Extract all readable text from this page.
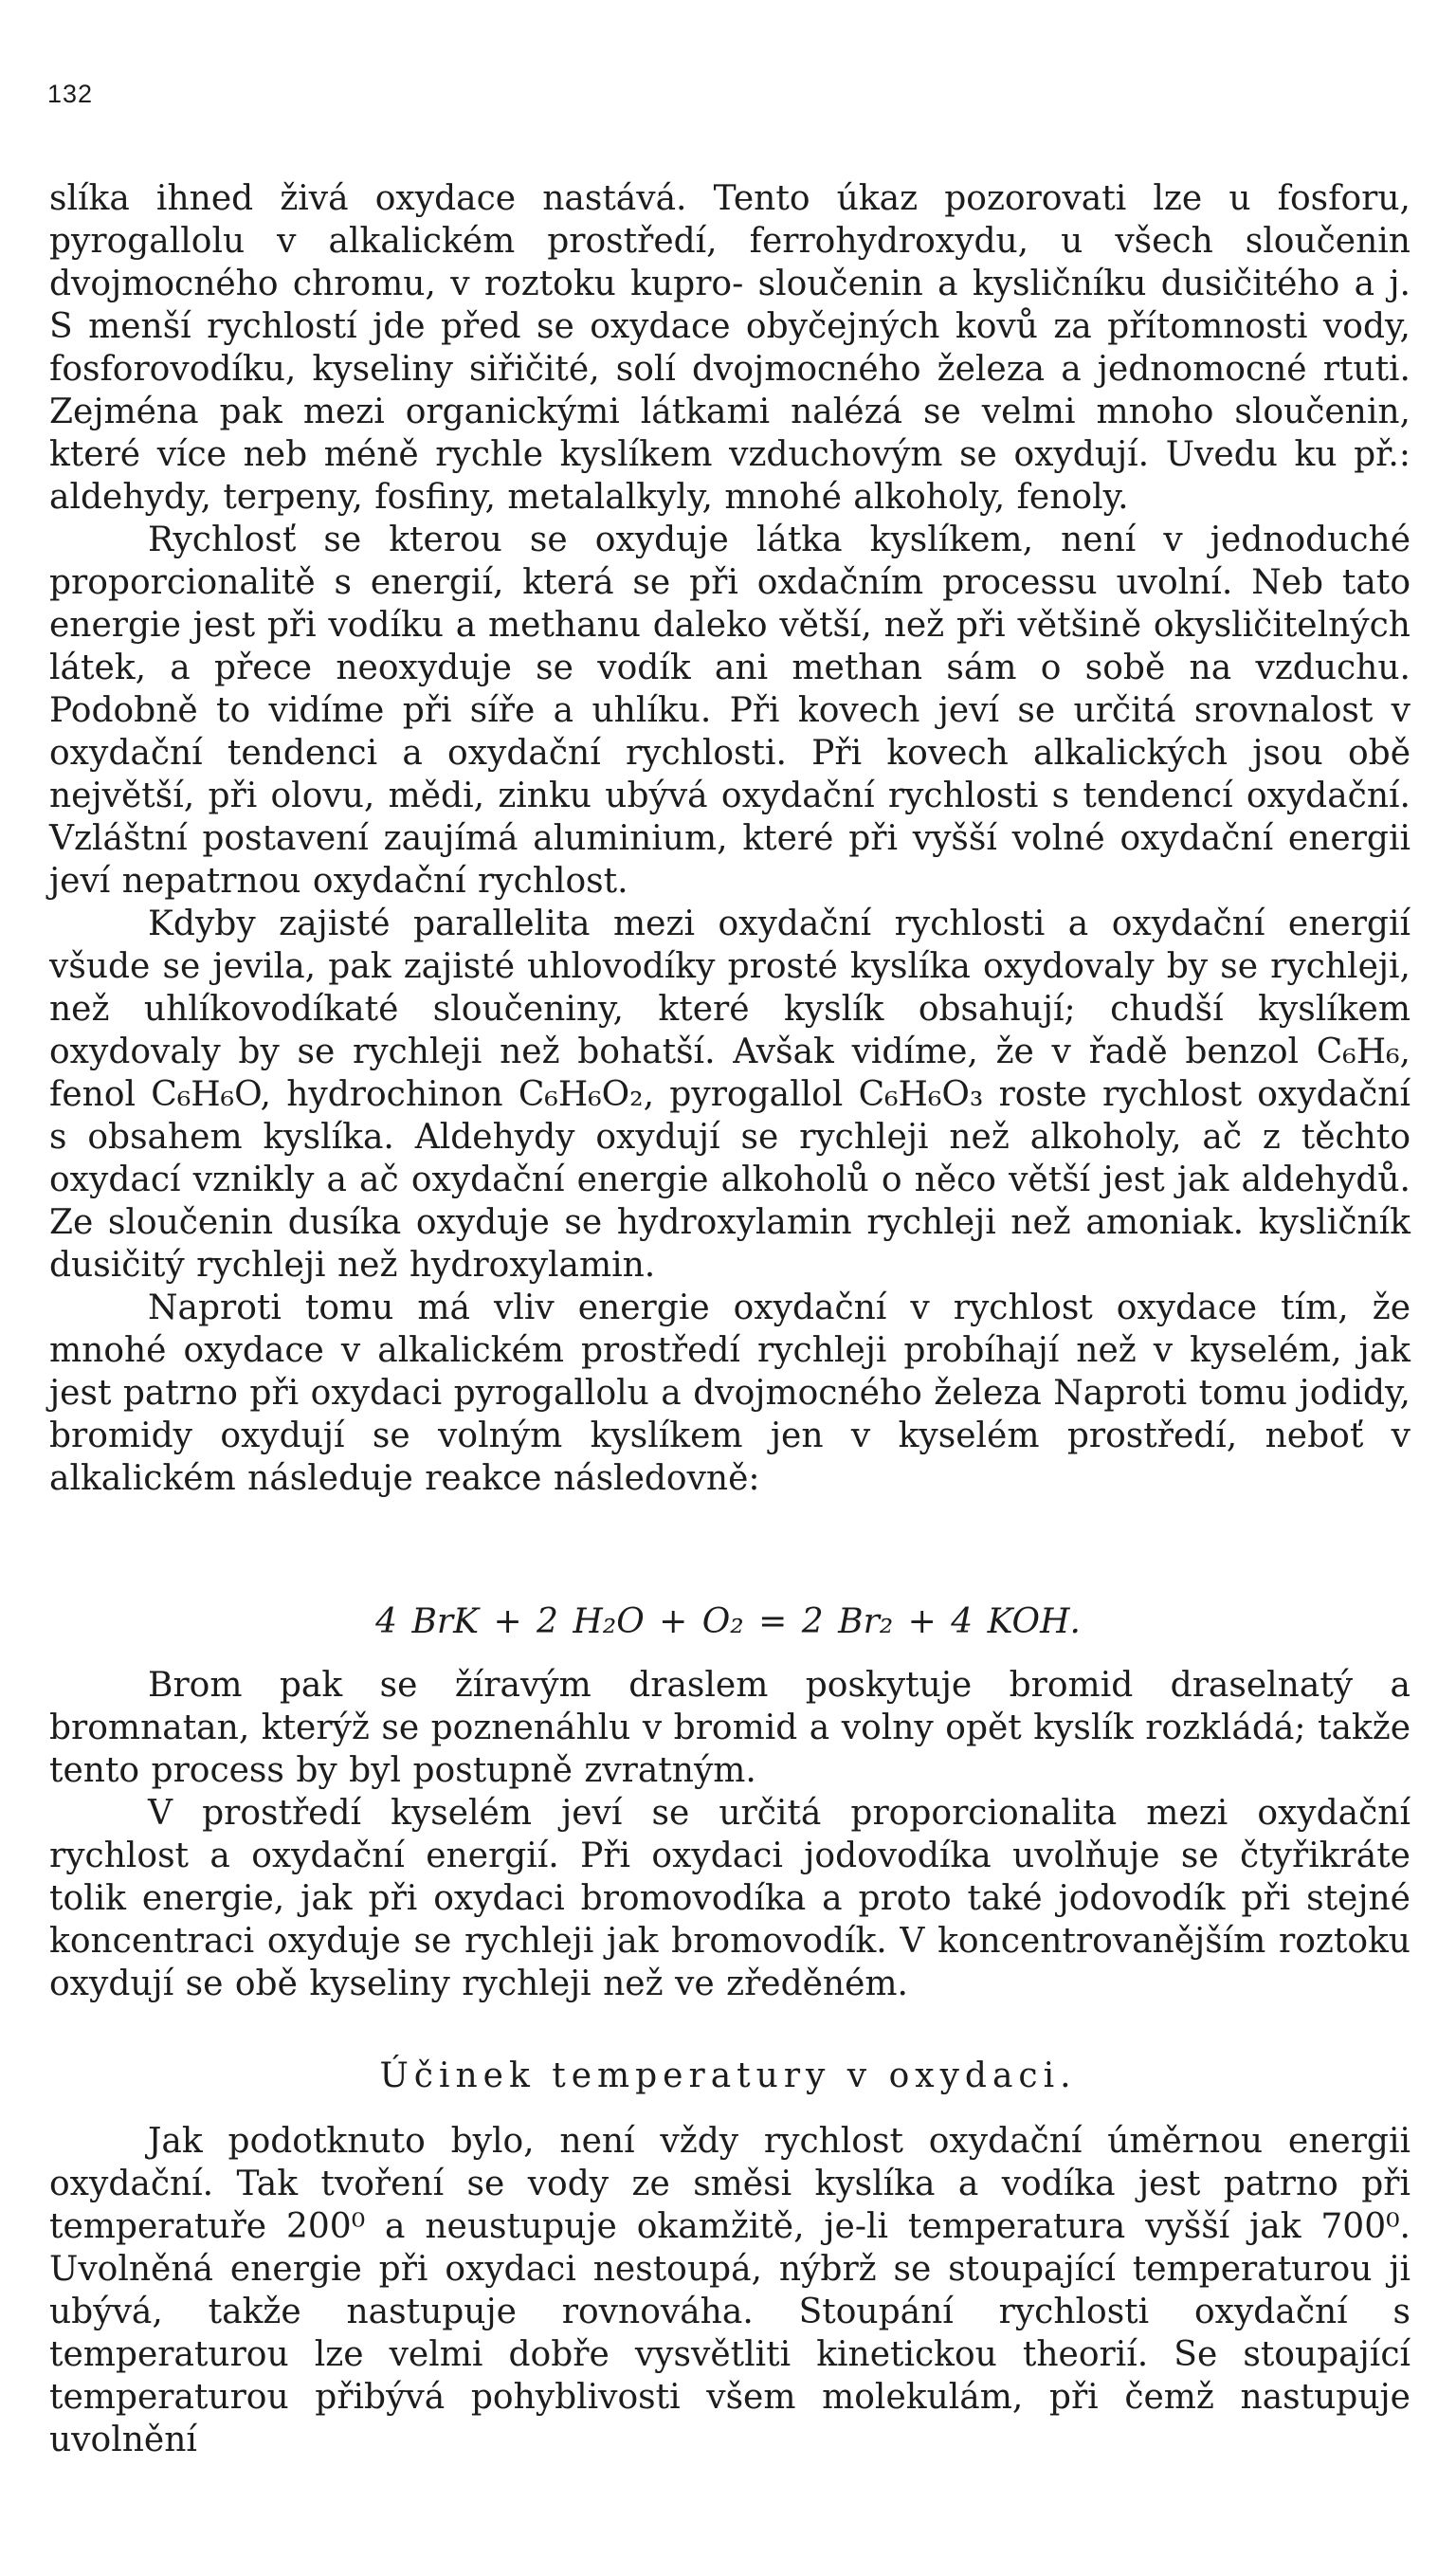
132

slíka ihned živá oxydace nastává. Tento úkaz pozorovati lze u fosforu, pyrogallolu v alkalickém prostředí, ferrohydroxydu, u všech sloučenin dvojmocného chromu, v roztoku kupro- sloučenin a kysličníku dusičitého a j. S menší rychlostí jde před se oxydace obyčejných kovů za přítomnosti vody, fosforovodíku, kyseliny siřičité, solí dvojmocného železa a jednomocné rtuti. Zejména pak mezi organickými látkami nalézá se velmi mnoho sloučenin, které více neb méně rychle kyslíkem vzduchovým se oxydují. Uvedu ku př.: aldehydy, terpeny, fosfiny, metalalkyly, mnohé alkoholy, fenoly.

Rychlosť se kterou se oxyduje látka kyslíkem, není v jednoduché proporcionalitě s energií, která se při oxdačním processu uvolní. Neb tato energie jest při vodíku a methanu daleko větší, než při většině okysličitelných látek, a přece neoxyduje se vodík ani methan sám o sobě na vzduchu. Podobně to vidíme při síře a uhlíku. Při kovech jeví se určitá srovnalost v oxydační tendenci a oxydační rychlosti. Při kovech alkalických jsou obě největší, při olovu, mědi, zinku ubývá oxydační rychlosti s tendencí oxydační. Vzláštní postavení zaujímá aluminium, které při vyšší volné oxydační energii jeví nepatrnou oxydační rychlost.

Kdyby zajisté parallelita mezi oxydační rychlosti a oxydační energií všude se jevila, pak zajisté uhlovodíky prosté kyslíka oxydovaly by se rychleji, než uhlíkovodíkaté sloučeniny, které kyslík obsahují; chudší kyslíkem oxydovaly by se rychleji než bohatší. Avšak vidíme, že v řadě benzol C₆H₆, fenol C₆H₆O, hydrochinon C₆H₆O₂, pyrogallol C₆H₆O₃ roste rychlost oxydační s obsahem kyslíka. Aldehydy oxydují se rychleji než alkoholy, ač z těchto oxydací vznikly a ač oxydační energie alkoholů o něco větší jest jak aldehydů. Ze sloučenin dusíka oxyduje se hydroxylamin rychleji než amoniak. kysličník dusičitý rychleji než hydroxylamin.

Naproti tomu má vliv energie oxydační v rychlost oxydace tím, že mnohé oxydace v alkalickém prostředí rychleji probíhají než v kyselém, jak jest patrno při oxydaci pyrogallolu a dvojmocného železa Naproti tomu jodidy, bromidy oxydují se volným kyslíkem jen v kyselém prostředí, neboť v alkalickém následuje reakce následovně:

4 BrK + 2 H₂O + O₂ = 2 Br₂ + 4 KOH.

Brom pak se žíravým draslem poskytuje bromid draselnatý a bromnatan, kterýž se poznenáhlu v bromid a volny opět kyslík rozkládá; takže tento process by byl postupně zvratným.

V prostředí kyselém jeví se určitá proporcionalita mezi oxydační rychlost a oxydační energií. Při oxydaci jodovodíka uvolňuje se čtyřikráte tolik energie, jak při oxydaci bromovodíka a proto také jodovodík při stejné koncentraci oxyduje se rychleji jak bromovodík. V koncentrovanějším roztoku oxydují se obě kyseliny rychleji než ve zředěném.

Účinek temperatury v oxydaci.

Jak podotknuto bylo, není vždy rychlost oxydační úměrnou energii oxydační. Tak tvoření se vody ze směsi kyslíka a vodíka jest patrno při temperatuře 200⁰ a neustupuje okamžitě, je-li temperatura vyšší jak 700⁰. Uvolněná energie při oxydaci nestoupá, nýbrž se stoupající temperaturou ji ubývá, takže nastupuje rovnováha. Stoupání rychlosti oxydační s temperaturou lze velmi dobře vysvětliti kinetickou theorií. Se stoupající temperaturou přibývá pohyblivosti všem molekulám, při čemž nastupuje uvolnění
